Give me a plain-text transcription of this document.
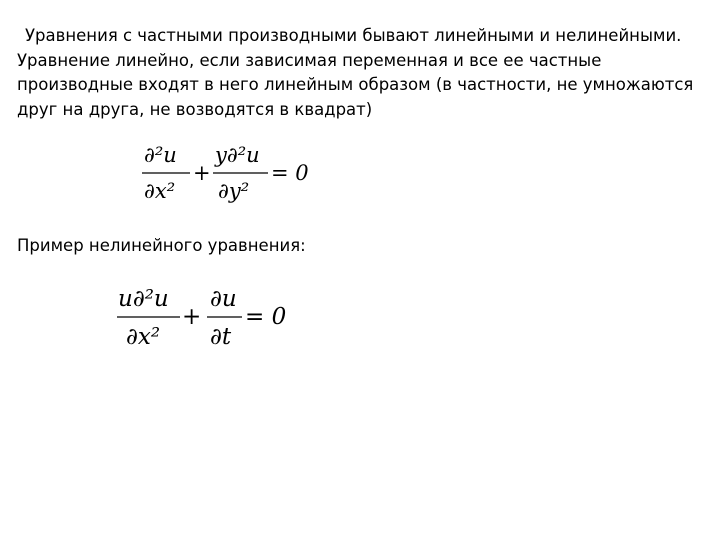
Уравнения с частными производными бывают линейными и нелинейными.
Уравнение линейно, если зависимая переменная и все ее частные
производные входят в него линейным образом (в частности, не умножаются
друг на друга, не возводятся в квадрат)
∂²u
∂x²
+
y∂²u
∂y²
= 0
Пример нелинейного уравнения:
u∂²u
∂x²
+
∂u
∂t
= 0
